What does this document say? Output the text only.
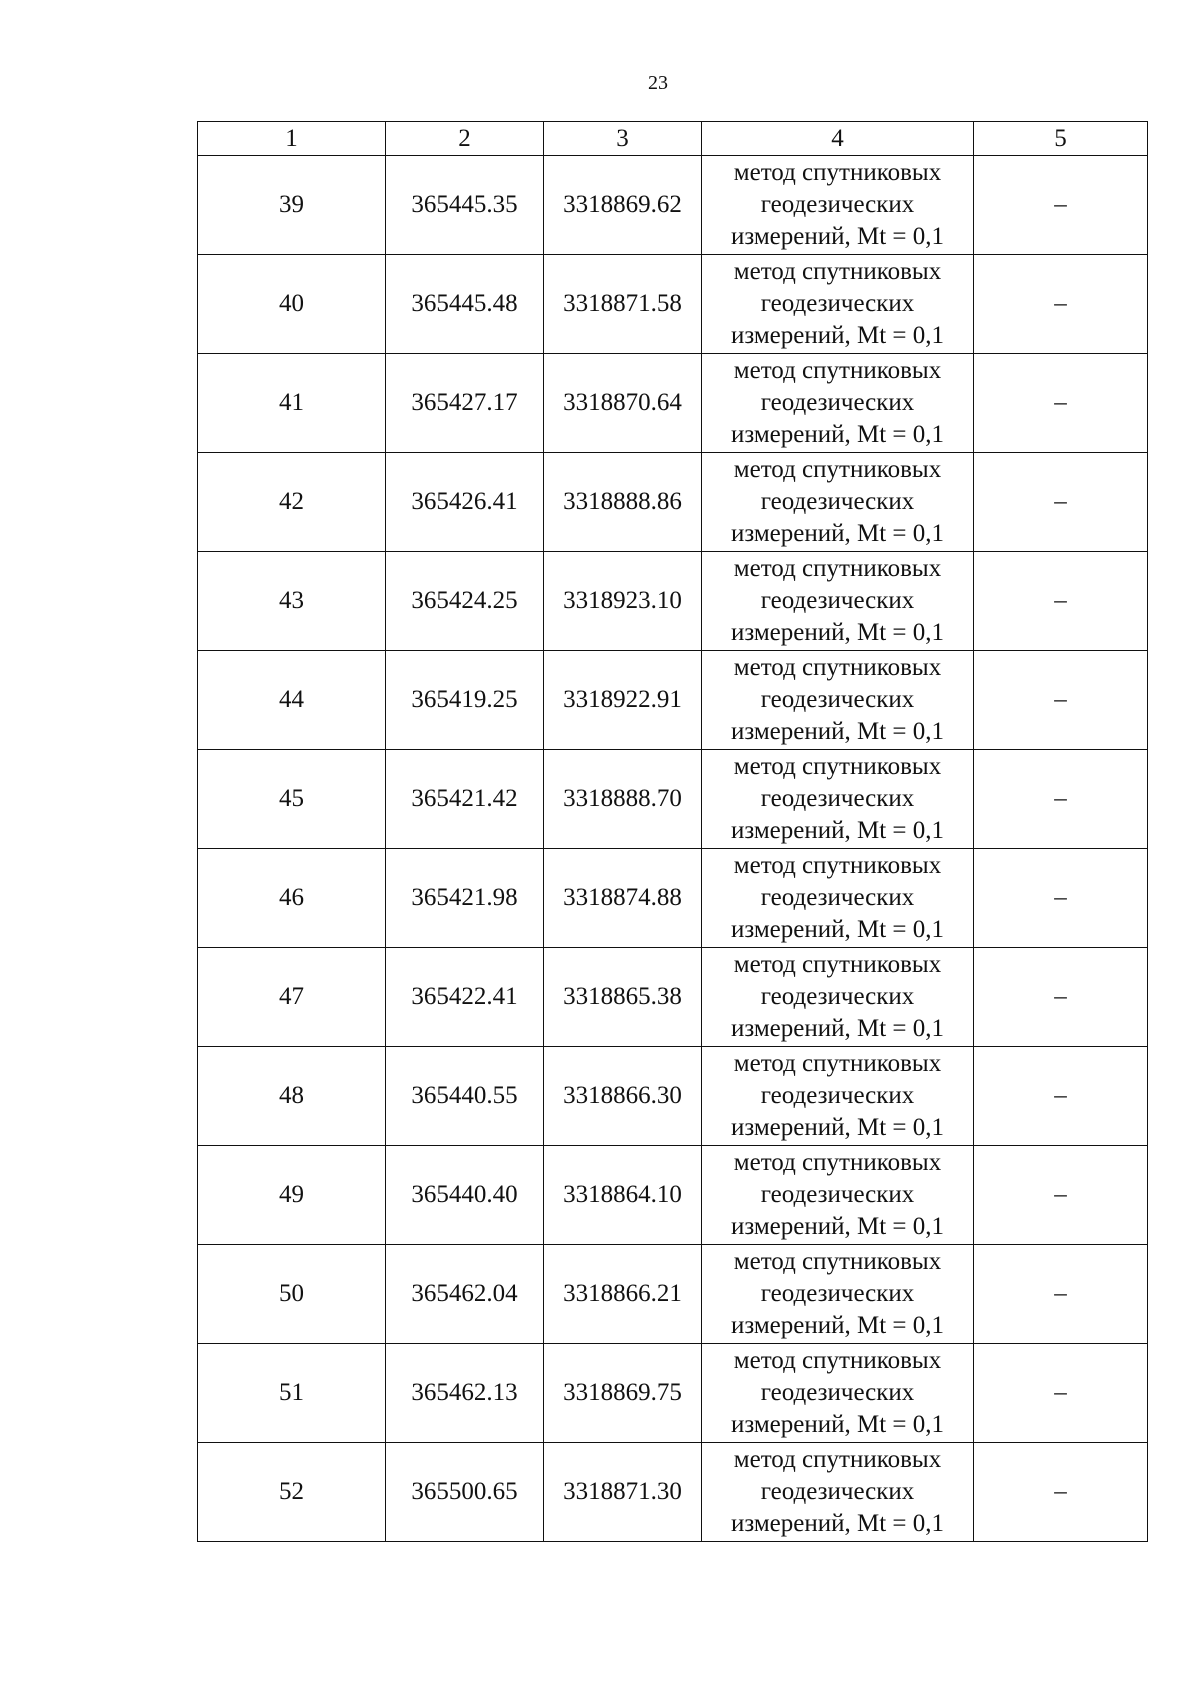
23
1	2	3	4	5
39	365445.35	3318869.62	метод спутниковых
геодезических
измерений, Mt = 0,1	–
40	365445.48	3318871.58	метод спутниковых
геодезических
измерений, Mt = 0,1	–
41	365427.17	3318870.64	метод спутниковых
геодезических
измерений, Mt = 0,1	–
42	365426.41	3318888.86	метод спутниковых
геодезических
измерений, Mt = 0,1	–
43	365424.25	3318923.10	метод спутниковых
геодезических
измерений, Mt = 0,1	–
44	365419.25	3318922.91	метод спутниковых
геодезических
измерений, Mt = 0,1	–
45	365421.42	3318888.70	метод спутниковых
геодезических
измерений, Mt = 0,1	–
46	365421.98	3318874.88	метод спутниковых
геодезических
измерений, Mt = 0,1	–
47	365422.41	3318865.38	метод спутниковых
геодезических
измерений, Mt = 0,1	–
48	365440.55	3318866.30	метод спутниковых
геодезических
измерений, Mt = 0,1	–
49	365440.40	3318864.10	метод спутниковых
геодезических
измерений, Mt = 0,1	–
50	365462.04	3318866.21	метод спутниковых
геодезических
измерений, Mt = 0,1	–
51	365462.13	3318869.75	метод спутниковых
геодезических
измерений, Mt = 0,1	–
52	365500.65	3318871.30	метод спутниковых
геодезических
измерений, Mt = 0,1	–
